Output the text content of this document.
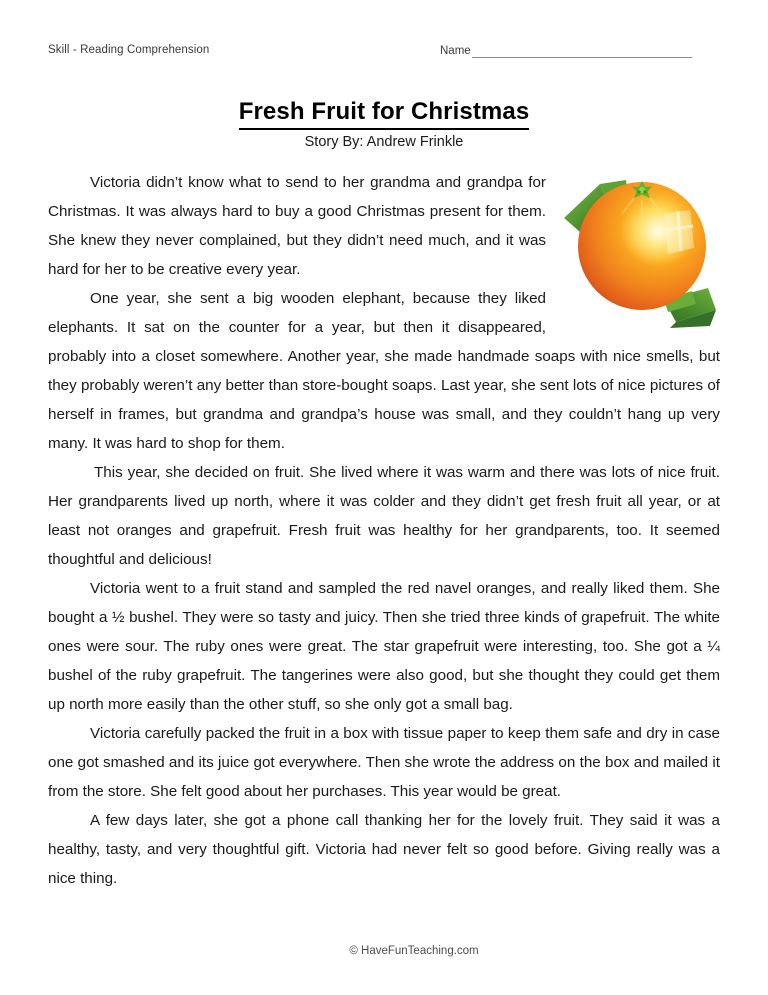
Skill - Reading Comprehension	Name
Fresh Fruit for Christmas
Story By: Andrew Frinkle

Victoria didn’t know what to send to her grandma and grandpa for Christmas. It was always hard to buy a good Christmas present for them. She knew they never complained, but they didn’t need much, and it was hard for her to be creative every year.

One year, she sent a big wooden elephant, because they liked elephants. It sat on the counter for a year, but then it disappeared, probably into a closet somewhere. Another year, she made handmade soaps with nice smells, but they probably weren’t any better than store-bought soaps. Last year, she sent lots of nice pictures of herself in frames, but grandma and grandpa’s house was small, and they couldn’t hang up very many. It was hard to shop for them.

This year, she decided on fruit. She lived where it was warm and there was lots of nice fruit. Her grandparents lived up north, where it was colder and they didn’t get fresh fruit all year, or at least not oranges and grapefruit. Fresh fruit was healthy for her grandparents, too. It seemed thoughtful and delicious!

Victoria went to a fruit stand and sampled the red navel oranges, and really liked them. She bought a ½ bushel. They were so tasty and juicy. Then she tried three kinds of grapefruit. The white ones were sour. The ruby ones were great. The star grapefruit were interesting, too. She got a ¼ bushel of the ruby grapefruit. The tangerines were also good, but she thought they could get them up north more easily than the other stuff, so she only got a small bag.

Victoria carefully packed the fruit in a box with tissue paper to keep them safe and dry in case one got smashed and its juice got everywhere. Then she wrote the address on the box and mailed it from the store. She felt good about her purchases. This year would be great.

A few days later, she got a phone call thanking her for the lovely fruit. They said it was a healthy, tasty, and very thoughtful gift. Victoria had never felt so good before. Giving really was a nice thing.

© HaveFunTeaching.com
